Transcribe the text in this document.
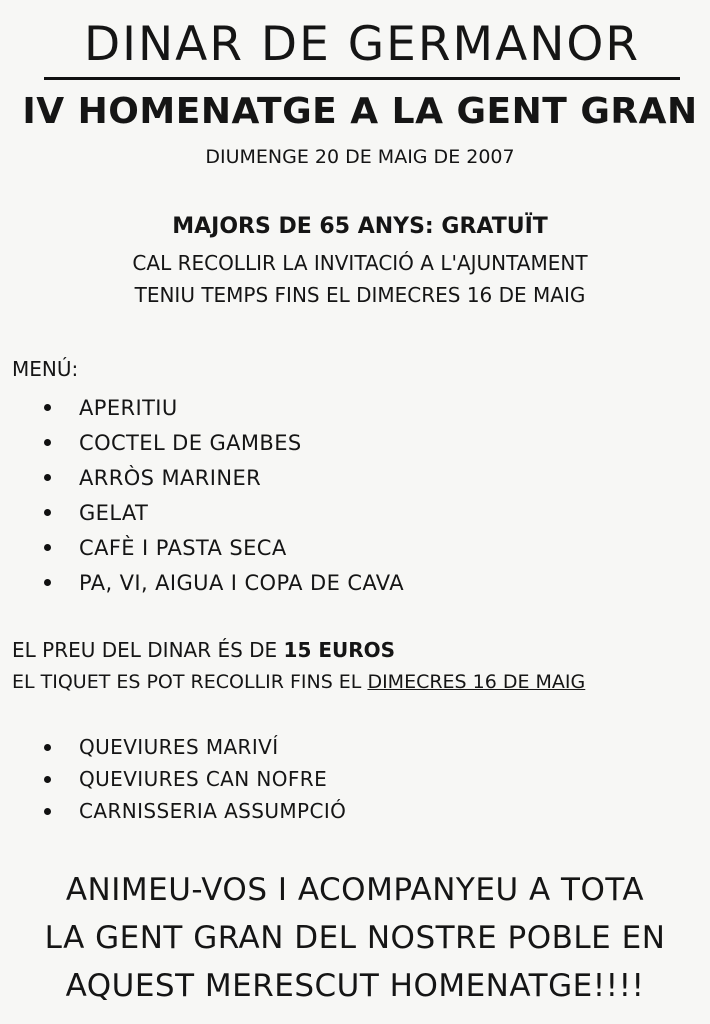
DINAR DE GERMANOR
IV HOMENATGE A LA GENT GRAN
DIUMENGE 20 DE MAIG DE 2007
MAJORS DE 65 ANYS: GRATUÏT
CAL RECOLLIR LA INVITACIÓ A L'AJUNTAMENT
TENIU TEMPS FINS EL DIMECRES 16 DE MAIG
MENÚ:
APERITIU
COCTEL DE GAMBES
ARRÒS MARINER
GELAT
CAFÈ I PASTA SECA
PA, VI, AIGUA I COPA DE CAVA
EL PREU DEL DINAR ÉS DE 15 EUROS
EL TIQUET ES POT RECOLLIR FINS EL DIMECRES 16 DE MAIG
QUEVIURES MARIVÍ
QUEVIURES CAN NOFRE
CARNISSERIA ASSUMPCIÓ
ANIMEU-VOS I ACOMPANYEU A TOTA
LA GENT GRAN DEL NOSTRE POBLE EN
AQUEST MERESCUT HOMENATGE!!!!
